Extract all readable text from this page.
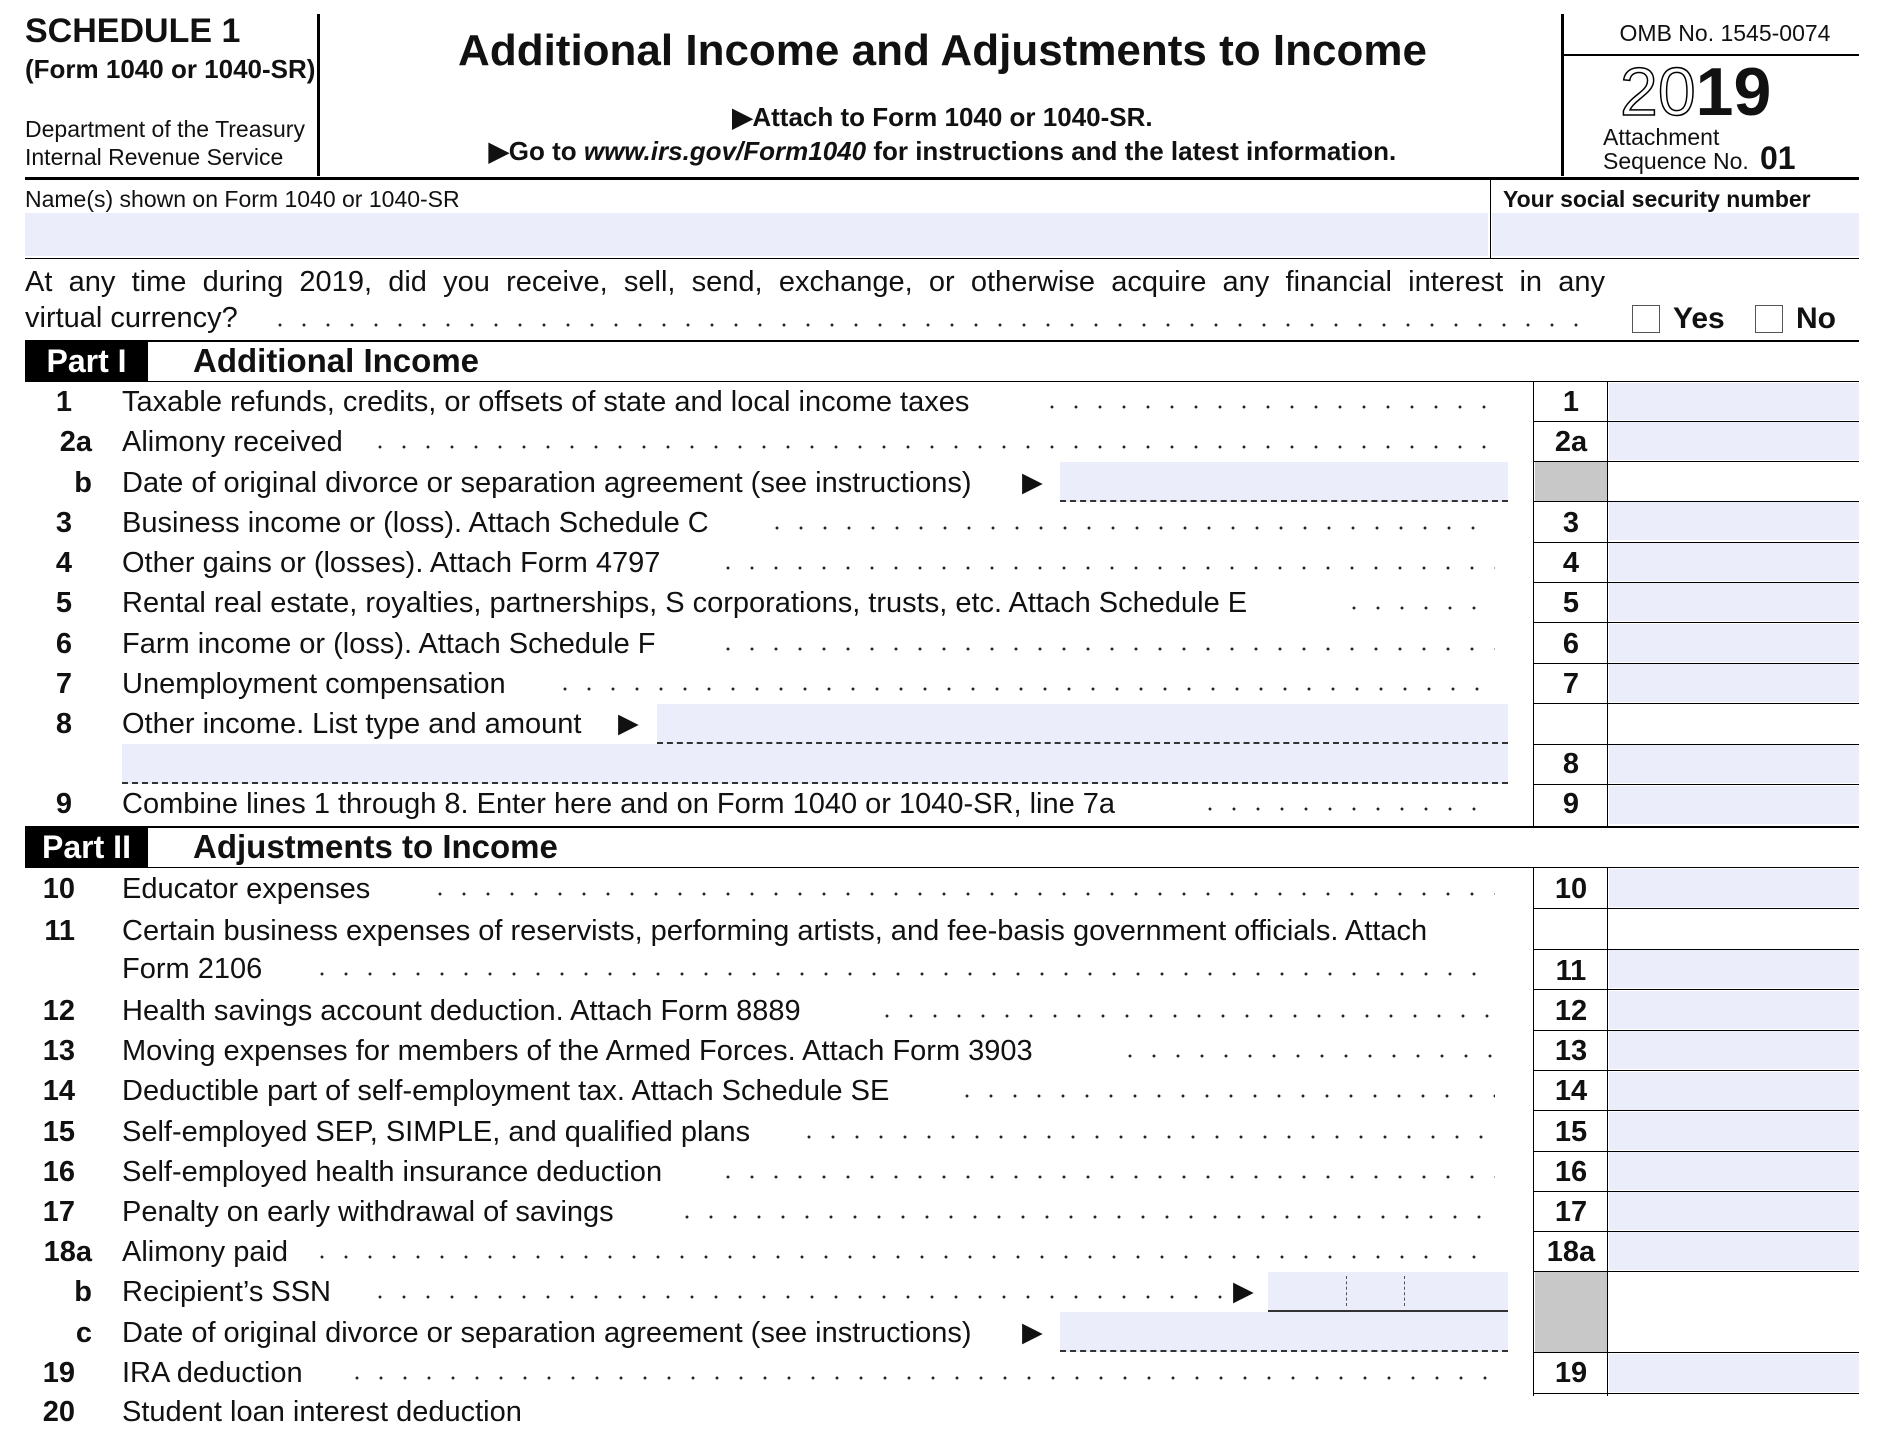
SCHEDULE 1
(Form 1040 or 1040-SR)
Department of the Treasury
Internal Revenue Service
Additional Income and Adjustments to Income
▶Attach to Form 1040 or 1040-SR.
▶Go to www.irs.gov/Form1040 for instructions and the latest information.
OMB No. 1545-0074
2019
Attachment
Sequence No. 01
Name(s) shown on Form 1040 or 1040-SR	Your social security number
At any time during 2019, did you receive, sell, send, exchange, or otherwise acquire any financial interest in any
virtual currency?	Yes No
Part I	Additional Income
1 Taxable refunds, credits, or offsets of state and local income taxes	1
2a Alimony received	2a
b Date of original divorce or separation agreement (see instructions) ▶
3 Business income or (loss). Attach Schedule C	3
4 Other gains or (losses). Attach Form 4797	4
5 Rental real estate, royalties, partnerships, S corporations, trusts, etc. Attach Schedule E	5
6 Farm income or (loss). Attach Schedule F	6
7 Unemployment compensation	7
8 Other income. List type and amount ▶
8
9 Combine lines 1 through 8. Enter here and on Form 1040 or 1040-SR, line 7a	9
Part II	Adjustments to Income
10 Educator expenses	10
11 Certain business expenses of reservists, performing artists, and fee-basis government officials. Attach
Form 2106	11
12 Health savings account deduction. Attach Form 8889	12
13 Moving expenses for members of the Armed Forces. Attach Form 3903	13
14 Deductible part of self-employment tax. Attach Schedule SE	14
15 Self-employed SEP, SIMPLE, and qualified plans	15
16 Self-employed health insurance deduction	16
17 Penalty on early withdrawal of savings	17
18a Alimony paid	18a
b Recipient’s SSN	▶
c Date of original divorce or separation agreement (see instructions) ▶
19 IRA deduction	19
20 Student loan interest deduction
